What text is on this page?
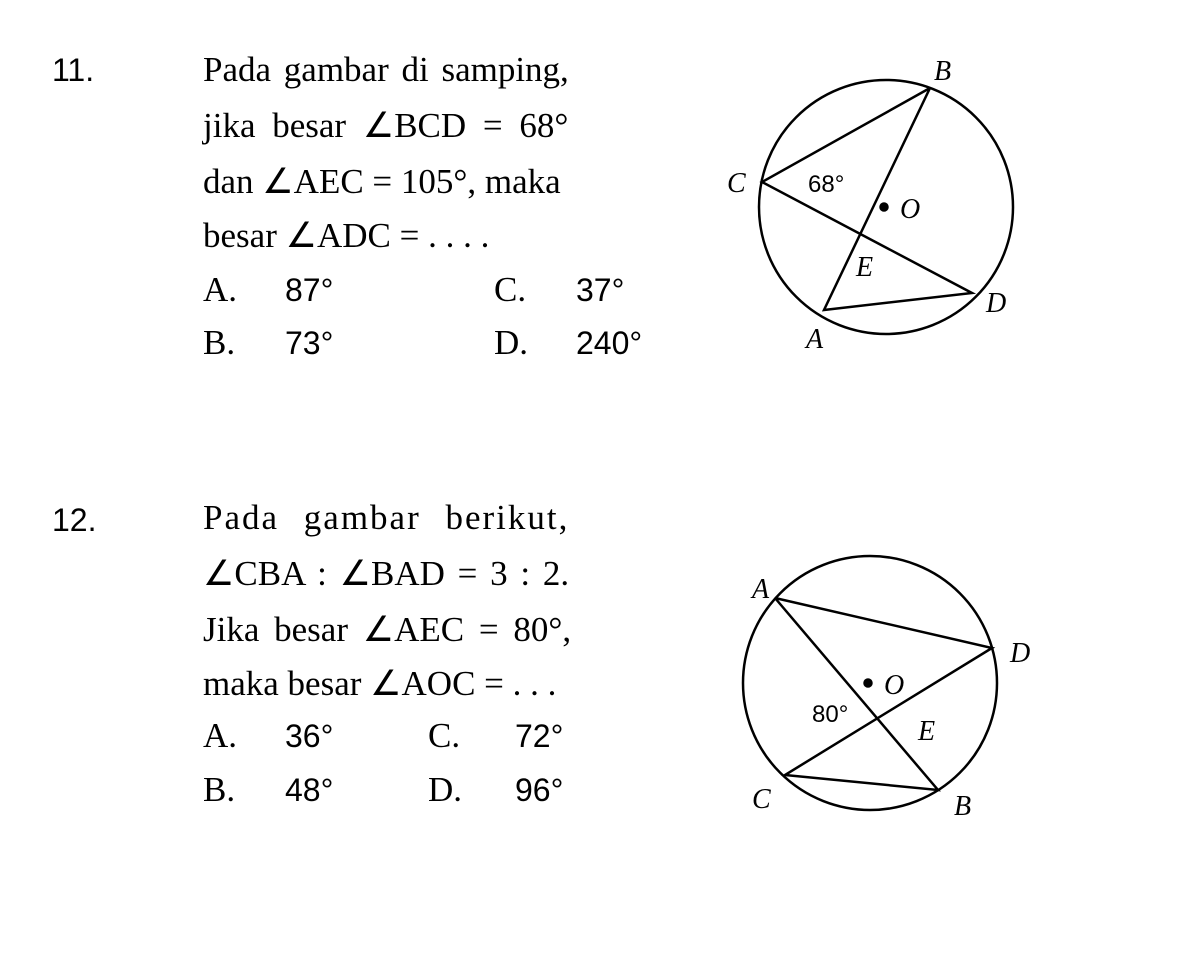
11.	Pada gambar di samping,
jika besar ∠BCD = 68°
dan ∠AEC = 105°, maka
besar ∠ADC = . . . .
A. 87°
B. 73°
C. 37°
D. 240°
12.	Pada gambar berikut,
∠CBA : ∠BAD = 3 : 2.
Jika besar ∠AEC = 80°,
maka besar ∠AOC = . . .
A. 36°
B. 48°
C. 72°
D. 96°
B
C
O
E
D
A
68°
A
D
O
E
C	B
80°
